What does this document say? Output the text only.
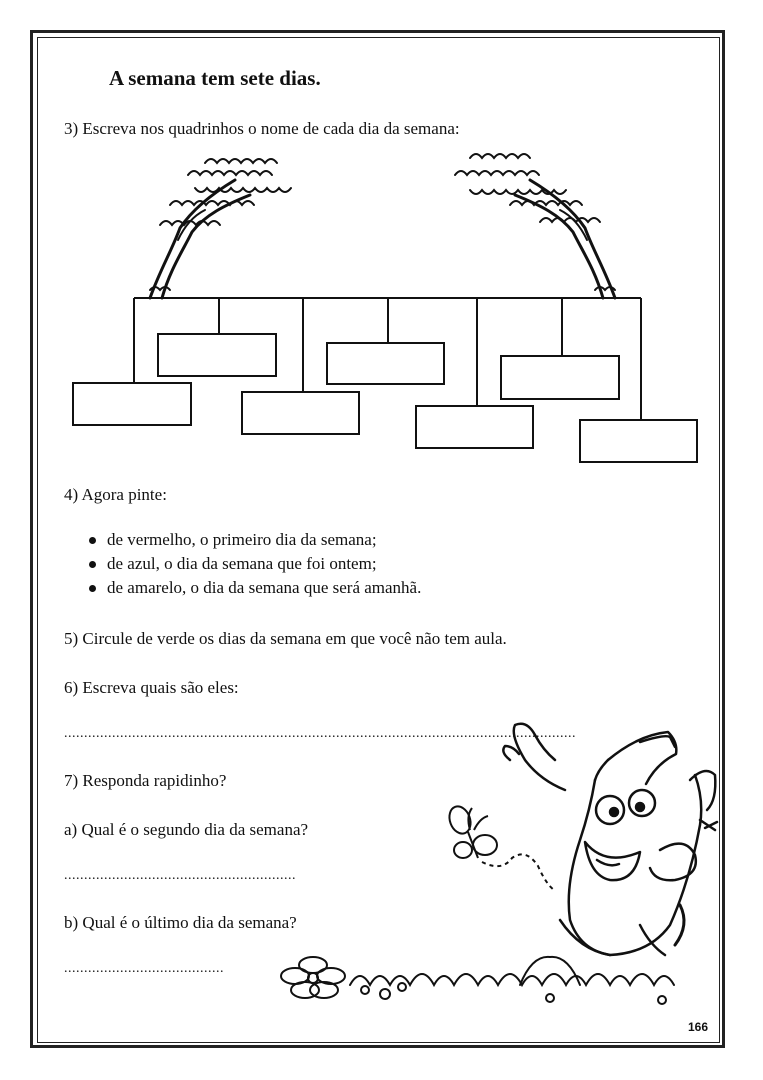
A semana tem sete dias.
3) Escreva nos quadrinhos o nome de cada dia da semana:
4) Agora pinte:
de vermelho, o primeiro dia da semana;
de azul, o dia da semana que foi ontem;
de amarelo, o dia da semana que será amanhã.
5) Circule de verde os dias da semana em que você não tem aula.
6) Escreva quais são eles:
................................................................................................................................
7) Responda rapidinho?
a) Qual é o segundo dia da semana?
..........................................................
b) Qual é o último dia da semana?
........................................
166
